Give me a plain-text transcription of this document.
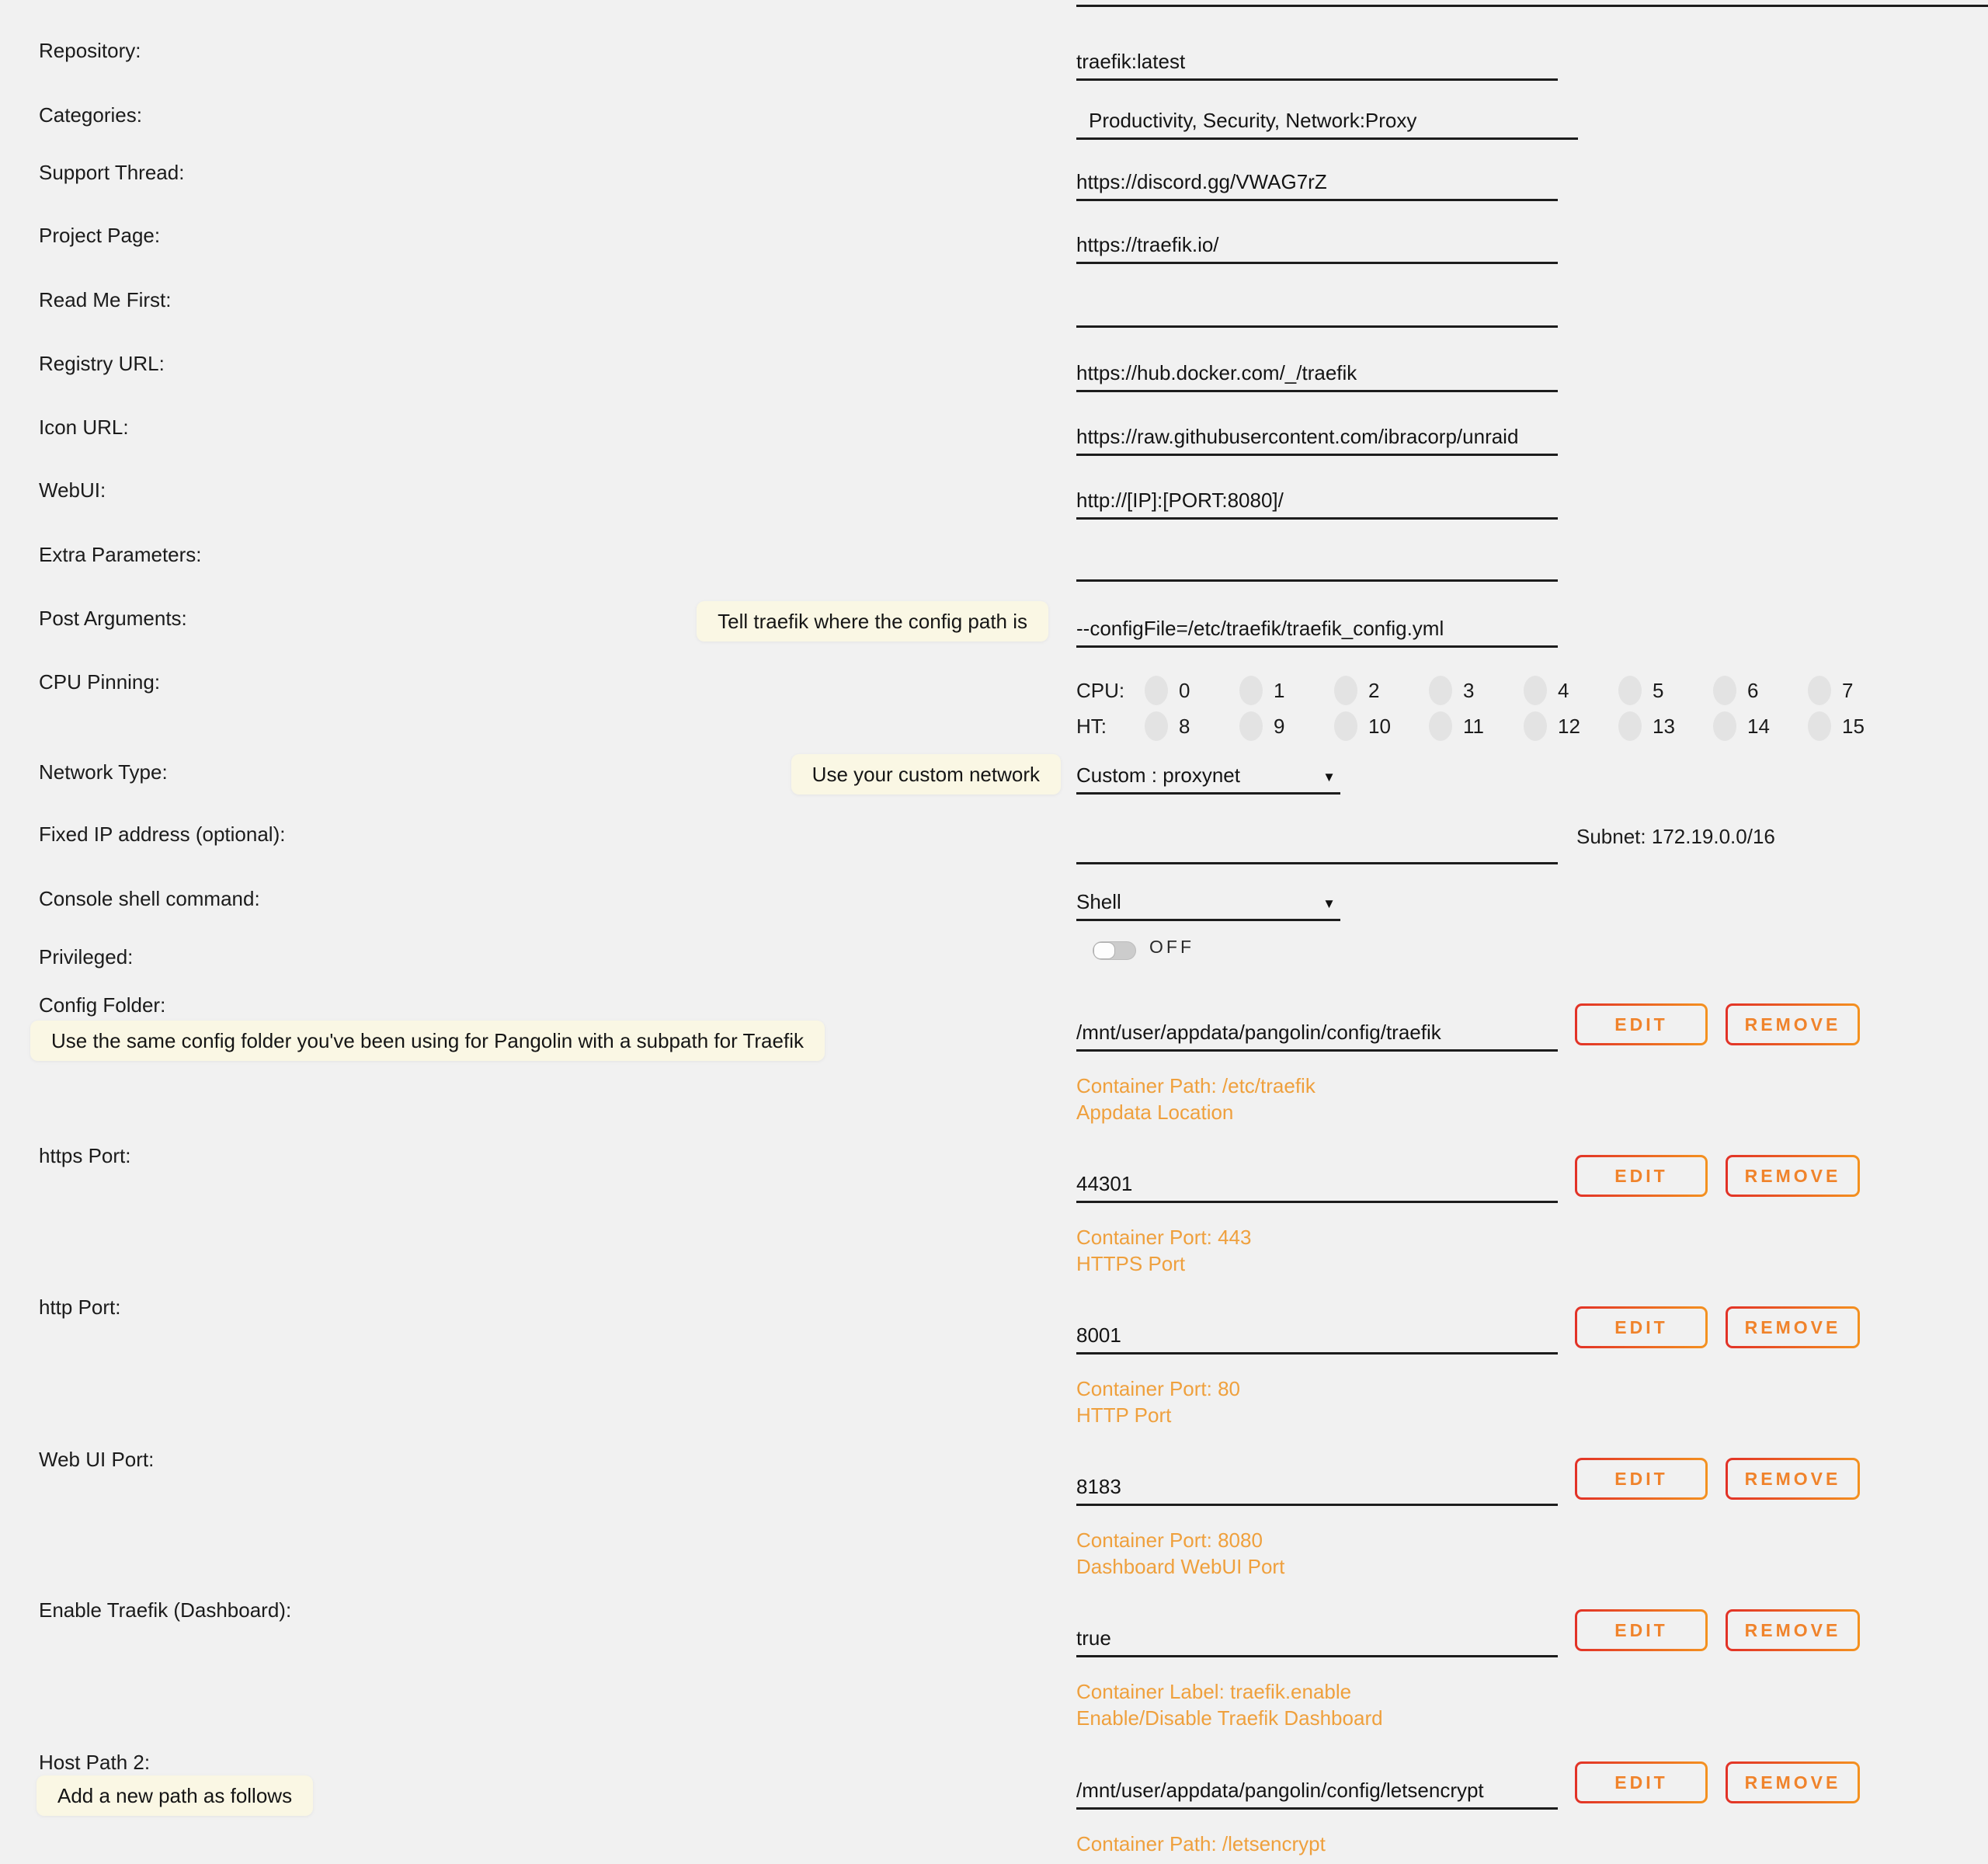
Repository:	traefik:latest
Categories:	Productivity, Security, Network:Proxy
Support Thread:	https://discord.gg/VWAG7rZ
Project Page:	https://traefik.io/
Read Me First:
Registry URL:	https://hub.docker.com/_/traefik
Icon URL:	https://raw.githubusercontent.com/ibracorp/unraid
WebUI:	http://[IP]:[PORT:8080]/
Extra Parameters:
Post Arguments:	Tell traefik where the config path is	--configFile=/etc/traefik/traefik_config.yml
CPU Pinning:	CPU:	0	1	2	3	4	5	6	7
HT:	8	9	10	11	12	13	14	15
Network Type:	Use your custom network	Custom : proxynet	▼
Fixed IP address (optional):	Subnet: 172.19.0.0/16
Console shell command:	Shell	▼
Privileged:	OFF
Config Folder:
Use the same config folder you've been using for Pangolin with a subpath for Traefik	/mnt/user/appdata/pangolin/config/traefik	EDIT	REMOVE
Container Path: /etc/traefik
Appdata Location
https Port:
44301	EDIT	REMOVE
Container Port: 443
HTTPS Port
http Port:
8001	EDIT	REMOVE
Container Port: 80
HTTP Port
Web UI Port:
8183	EDIT	REMOVE
Container Port: 8080
Dashboard WebUI Port
Enable Traefik (Dashboard):
true	EDIT	REMOVE
Container Label: traefik.enable
Enable/Disable Traefik Dashboard
Host Path 2:
Add a new path as follows	/mnt/user/appdata/pangolin/config/letsencrypt	EDIT	REMOVE
Container Path: /letsencrypt
